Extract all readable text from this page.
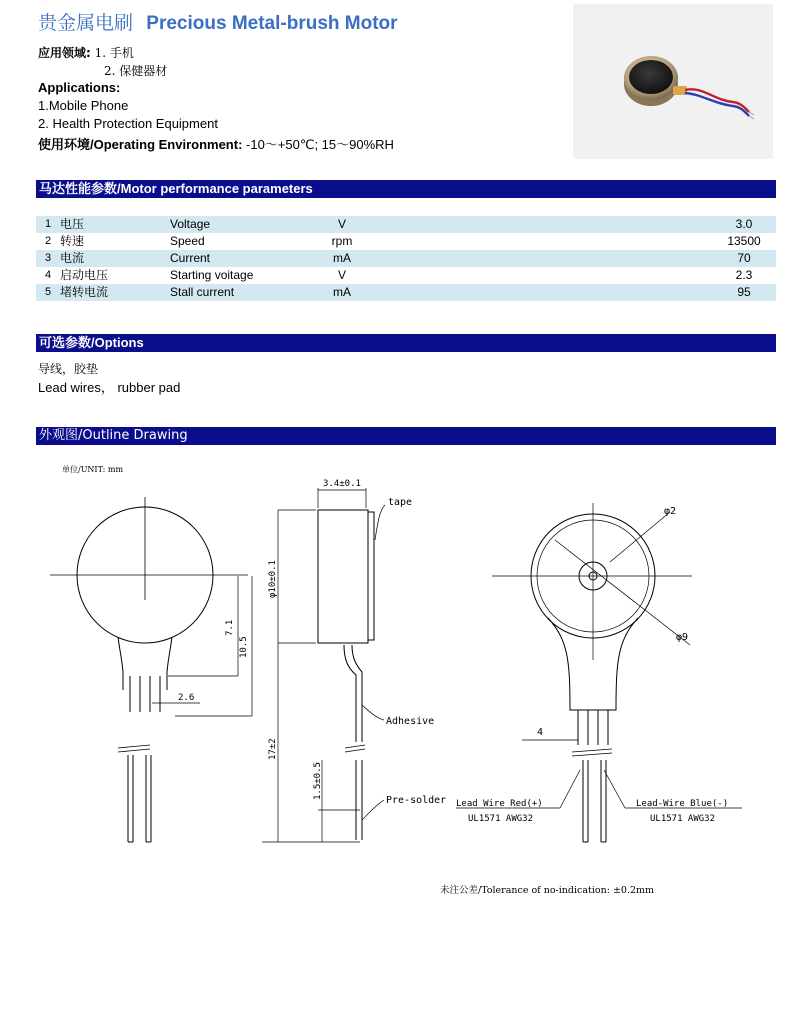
贵金属电刷 Precious Metal-brush Motor
应用领域: 1. 手机
2. 保健器材
Applications:
1.Mobile Phone
2. Health Protection Equipment
使用环境/Operating Environment: -10～+50℃; 15～90%RH
马达性能参数/Motor performance parameters
1	电压	Voltage	V	3.0
2	转速	Speed	rpm	13500
3	电流	Current	mA	70
4	启动电压	Starting voitage	V	2.3
5	堵转电流	Stall current	mA	95
可选参数/Options
导线，胶垫
Lead wires， rubber pad
外观图/Outline Drawing
单位/UNIT: mm
7.1
10.5
2.6
3.4±0.1
tape
φ10±0.1
Adhesive
17±2
1.5±0.5
Pre-solder
φ2
φ9
4
Lead Wire Red(+)
UL1571 AWG32
Lead-Wire Blue(-)
UL1571 AWG32
未注公差/Tolerance of no-indication: ±0.2mm
